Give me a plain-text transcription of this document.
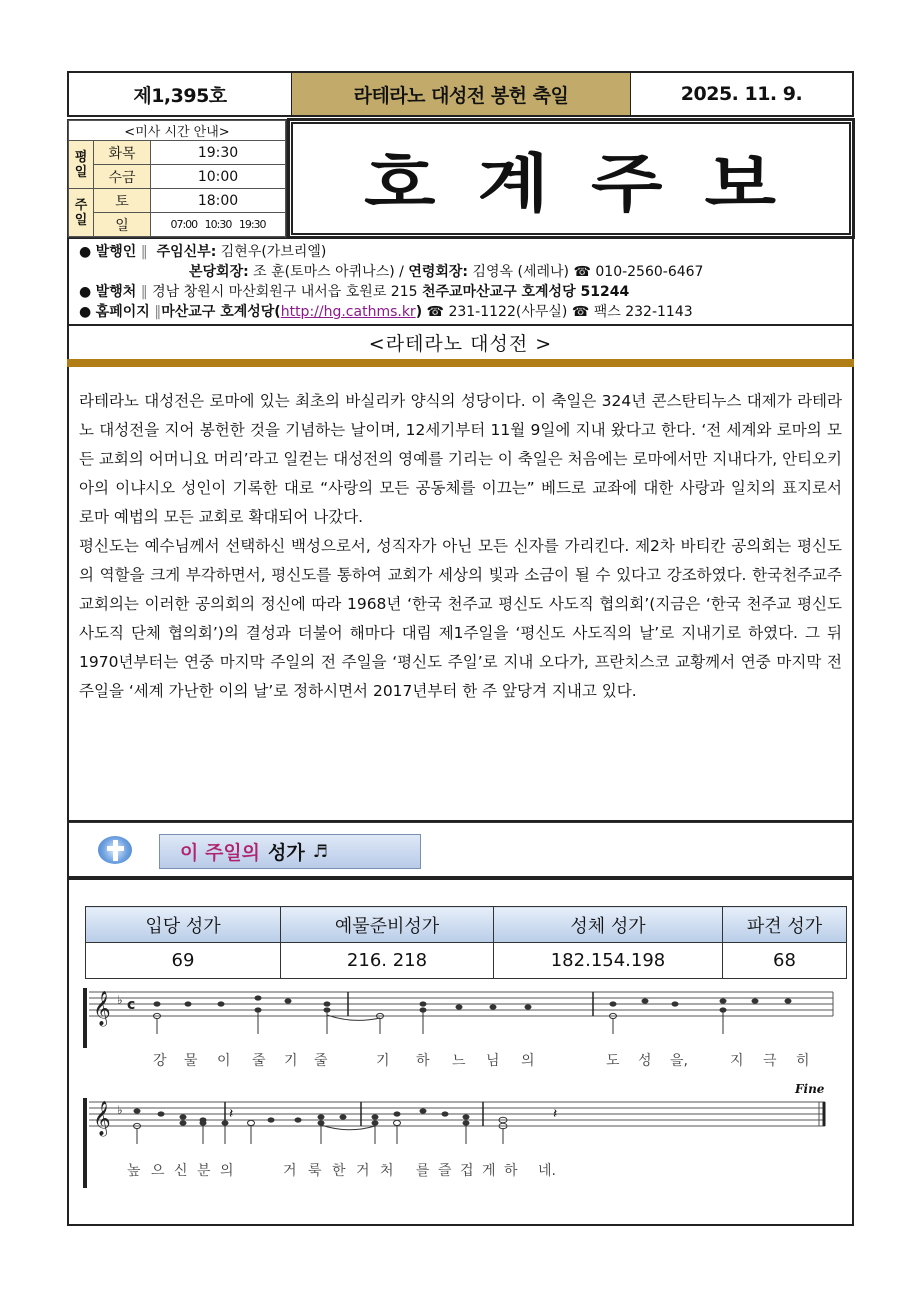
제1,395호	라테라노 대성전 봉헌 축일	2025. 11. 9.
<미사 시간 안내>		
평
일	화목	19:30
	수금	10:00
주
일	토	18:00
	일	07:00   10:30   19:30
호계주보
● 발행인 ‖ 주임신부: 김현우(가브리엘)
본당회장: 조 훈(토마스 아퀴나스) / 연령회장: 김영옥 (세레나) ☎ 010-2560-6467
● 발행처 ‖ 경남 창원시 마산회원구 내서읍 호원로 215 천주교마산교구 호계성당 51244
● 홈페이지 ‖마산교구 호계성당(http://hg.cathms.kr) ☎ 231-1122(사무실) ☎ 팩스 232-1143
<라테라노 대성전 >

라테라노 대성전은 로마에 있는 최초의 바실리카 양식의 성당이다. 이 축일은 324년 콘스탄티누스 대제가 라테라노 대성전을 지어 봉헌한 것을 기념하는 날이며, 12세기부터 11월 9일에 지내 왔다고 한다. ‘전 세계와 로마의 모든 교회의 어머니요 머리’라고 일컫는 대성전의 영예를 기리는 이 축일은 처음에는 로마에서만 지내다가, 안티오키아의 이냐시오 성인이 기록한 대로 “사랑의 모든 공동체를 이끄는” 베드로 교좌에 대한 사랑과 일치의 표지로서 로마 예법의 모든 교회로 확대되어 나갔다.

평신도는 예수님께서 선택하신 백성으로서, 성직자가 아닌 모든 신자를 가리킨다. 제2차 바티칸 공의회는 평신도의 역할을 크게 부각하면서, 평신도를 통하여 교회가 세상의 빛과 소금이 될 수 있다고 강조하였다. 한국천주교주교회의는 이러한 공의회의 정신에 따라 1968년 ‘한국 천주교 평신도 사도직 협의회’(지금은 ‘한국 천주교 평신도 사도직 단체 협의회’)의 결성과 더불어 해마다 대림 제1주일을 ‘평신도 사도직의 날’로 지내기로 하였다. 그 뒤 1970년부터는 연중 마지막 주일의 전 주일을 ‘평신도 주일’로 지내 오다가, 프란치스코 교황께서 연중 마지막 전 주일을 ‘세계 가난한 이의 날’로 정하시면서 2017년부터 한 주 앞당겨 지내고 있다.

이 주일의 성가 ♬
입당 성가	예물준비성가	성체 성가	파견 성가
69	216. 218	182.154.198	68
𝄞 ♭ c
강 물 이 줄 기 줄	기 하 느 님 의	도 성 을,	지 극 히
Fine
𝄞 ♭	𝄽
𝄽
높 으 신 분 의	거 룩 한 거 처 를 즐 겁 게 하 네.
